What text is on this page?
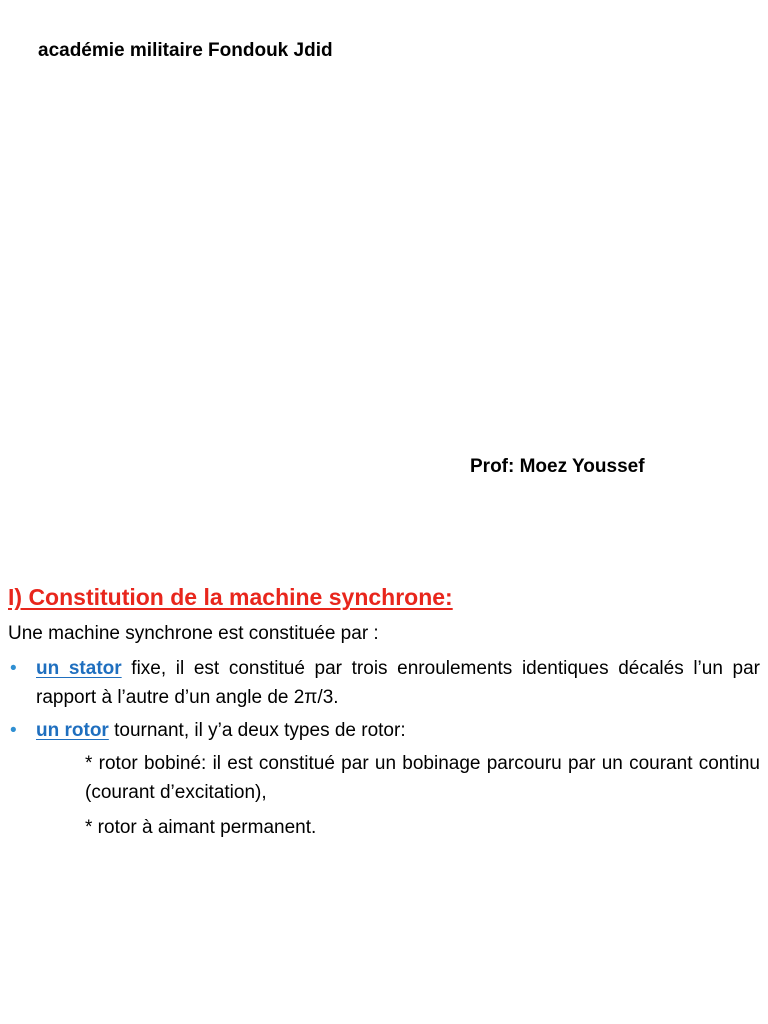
académie militaire Fondouk Jdid
Prof: Moez Youssef
I) Constitution de la machine synchrone:
Une machine synchrone est constituée par :
• un stator fixe, il est constitué par trois enroulements identiques décalés l’un par rapport à l’autre d’un angle de 2π/3.
• un rotor tournant, il y’a deux types de rotor:
* rotor bobiné: il est constitué par un bobinage parcouru par un courant continu (courant d’excitation),
* rotor à aimant permanent.
